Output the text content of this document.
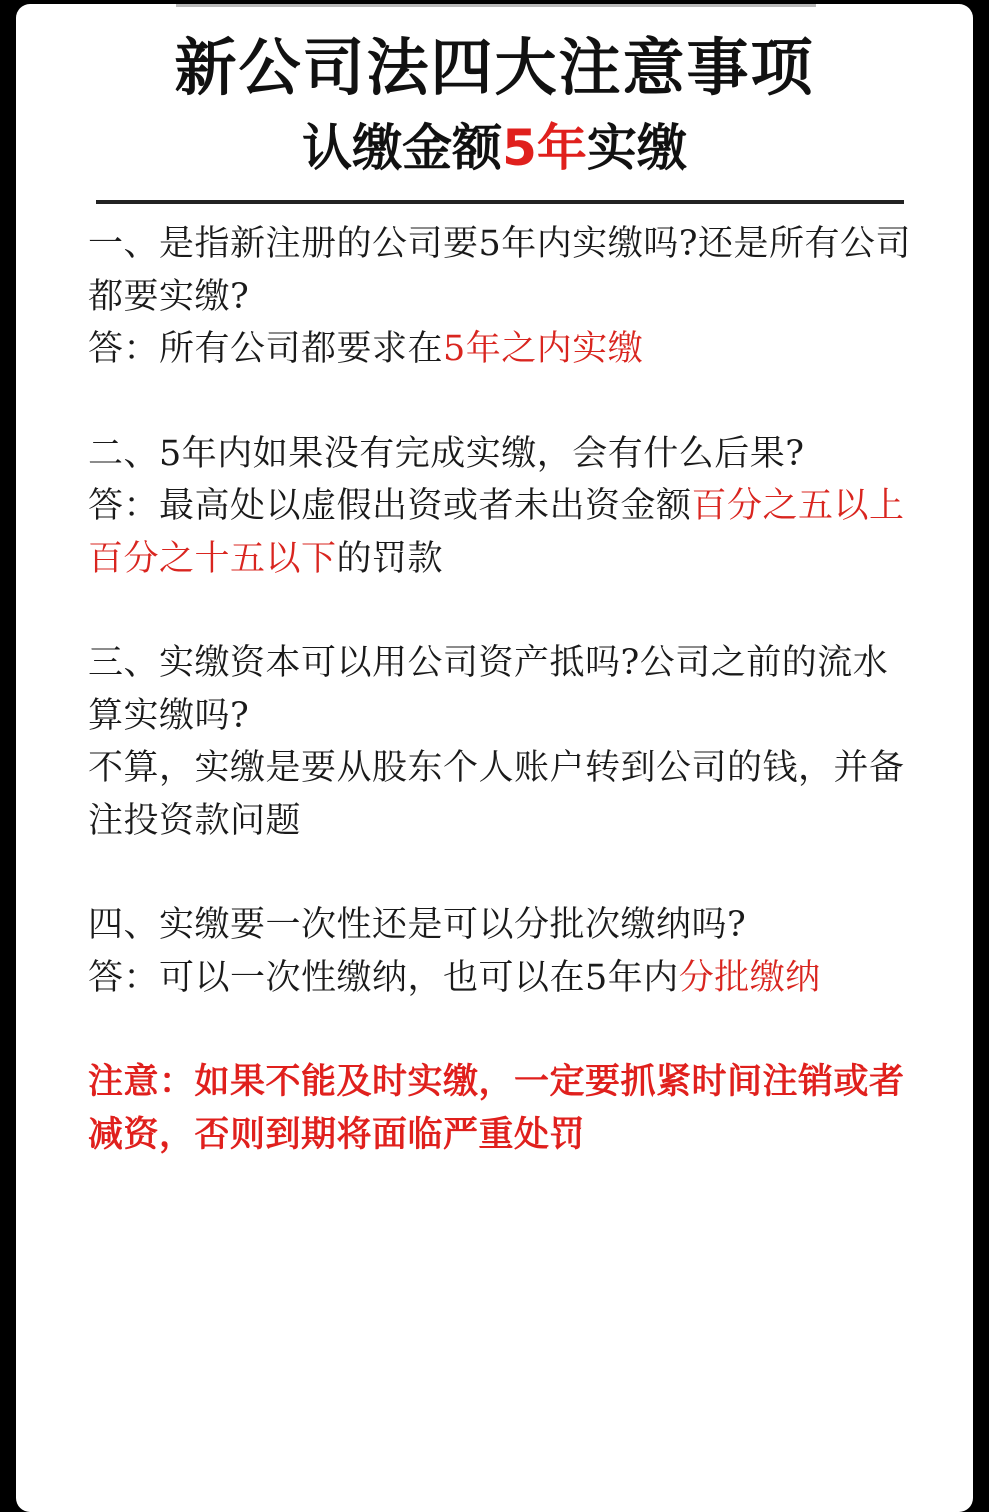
新公司法四大注意事项
认缴金额5年实缴

一、是指新注册的公司要5年内实缴吗?还是所有公司都要实缴?

答：所有公司都要求在5年之内实缴

二、5年内如果没有完成实缴，会有什么后果?

答：最高处以虚假出资或者未出资金额百分之五以上百分之十五以下的罚款

三、实缴资本可以用公司资产抵吗?公司之前的流水算实缴吗?

不算，实缴是要从股东个人账户转到公司的钱，并备注投资款问题

四、实缴要一次性还是可以分批次缴纳吗?

答：可以一次性缴纳，也可以在5年内分批缴纳

注意：如果不能及时实缴，一定要抓紧时间注销或者减资，否则到期将面临严重处罚
